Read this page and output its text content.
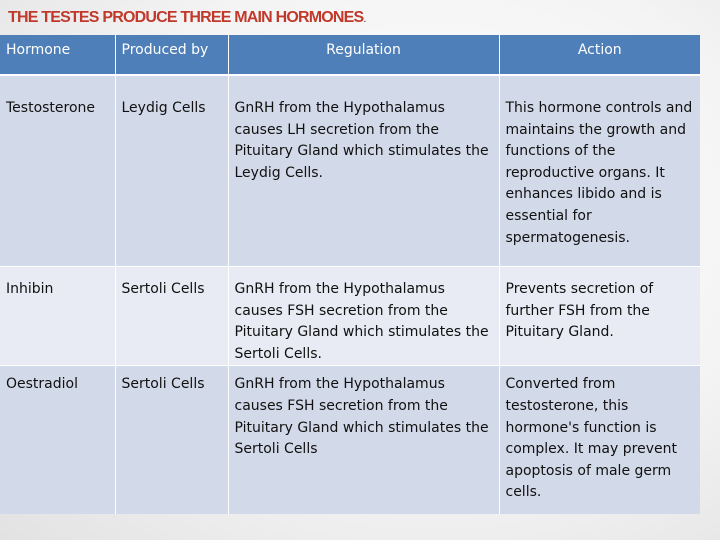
THE TESTES PRODUCE THREE MAIN HORMONES.
Hormone	Produced by	Regulation	Action
Testosterone	Leydig Cells	GnRH from the Hypothalamus causes LH secretion from the Pituitary Gland which stimulates the Leydig Cells.	This hormone controls and maintains the growth and functions of the reproductive organs. It enhances libido and is essential for spermatogenesis.
Inhibin	Sertoli Cells	GnRH from the Hypothalamus causes FSH secretion from the Pituitary Gland which stimulates the Sertoli Cells.	Prevents secretion of further FSH from the Pituitary Gland.
Oestradiol	Sertoli Cells	GnRH from the Hypothalamus causes FSH secretion from the Pituitary Gland which stimulates the Sertoli Cells	Converted from testosterone, this hormone's function is complex. It may prevent apoptosis of male germ cells.
